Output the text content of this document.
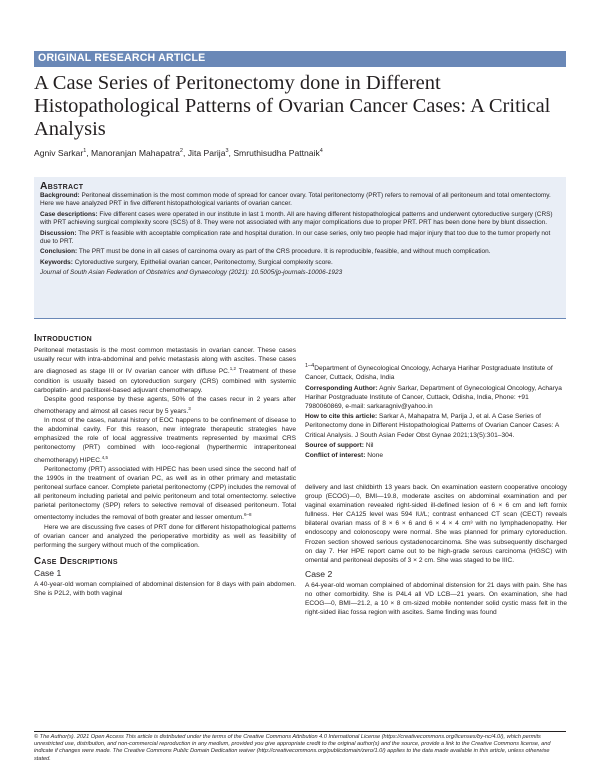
ORIGINAL RESEARCH ARTICLE
A Case Series of Peritonectomy done in Different Histopathological Patterns of Ovarian Cancer Cases: A Critical Analysis
Agniv Sarkar$^1$, Manoranjan Mahapatra$^2$, Jita Parija$^3$, Smruthisudha Pattnaik$^4$
Abstract

Background: Peritoneal dissemination is the most common mode of spread for cancer ovary. Total peritonectomy (PRT) refers to removal of all peritoneum and total omentectomy. Here we have analyzed PRT in five different histopathological variants of ovarian cancer.

Case descriptions: Five different cases were operated in our institute in last 1 month. All are having different histopathological patterns and underwent cytoreductive surgery (CRS) with PRT achieving surgical complexity score (SCS) of 8. They were not associated with any major complications due to proper PRT. PRT has been done here by blunt dissection.

Discussion: The PRT is feasible with acceptable complication rate and hospital duration. In our case series, only two people had major injury that too due to the tumor properly not due to PRT.

Conclusion: The PRT must be done in all cases of carcinoma ovary as part of the CRS procedure. It is reproducible, feasible, and without much complication.

Keywords: Cytoreductive surgery, Epithelial ovarian cancer, Peritonectomy, Surgical complexity score.

Journal of South Asian Federation of Obstetrics and Gynaecology (2021): 10.5005/jp-journals-10006-1923
Introduction

Peritoneal metastasis is the most common metastasis in ovarian cancer. These cases usually recur with intra-abdominal and pelvic metastasis along with ascites. These cases are diagnosed as stage III or IV ovarian cancer with diffuse PC.$^{1,2}$ Treatment of these condition is usually based on cytoreduction surgery (CRS) combined with systemic carboplatin- and paclitaxel-based adjuvant chemotherapy.

Despite good response by these agents, 50% of the cases recur in 2 years after chemotherapy and almost all cases recur by 5 years.$^3$

In most of the cases, natural history of EOC happens to be confinement of disease to the abdominal cavity. For this reason, new integrate therapeutic strategies have emphasized the role of local aggressive treatments represented by maximal CRS peritonectomy (PRT) combined with loco-regional (hyperthermic intraperitoneal chemotherapy) HIPEC.$^{4,5}$

Peritonectomy (PRT) associated with HIPEC has been used since the second half of the 1990s in the treatment of ovarian PC, as well as in other primary and metastatic peritoneal surface cancer. Complete parietal peritonectomy (CPP) includes the removal of all peritoneum including parietal and pelvic peritoneum and total omentectomy. selective parietal peritonectomy (SPP) refers to selective removal of diseased peritoneum. Total omentectomy includes the removal of both greater and lesser omentum.$^{6-8}$

Here we are discussing five cases of PRT done for different histopathological patterns of ovarian cancer and analyzed the perioperative morbidity as well as feasibility of performing the surgery without much of the complication.

Case Descriptions
Case 1

A 40-year-old woman complained of abdominal distension for 8 days with pain abdomen. She is P2L2, with both vaginal

$^{1-4}$Department of Gynecological Oncology, Acharya Harihar Postgraduate Institute of Cancer, Cuttack, Odisha, India

Corresponding Author: Agniv Sarkar, Department of Gynecological Oncology, Acharya Harihar Postgraduate Institute of Cancer, Cuttack, Odisha, India, Phone: +91 7980060869, e-mail: sarkaragniv@yahoo.in

How to cite this article: Sarkar A, Mahapatra M, Parija J, et al. A Case Series of Peritonectomy done in Different Histopathological Patterns of Ovarian Cancer Cases: A Critical Analysis. J South Asian Feder Obst Gynae 2021;13(5):301–304.

Source of support: Nil

Conflict of interest: None

delivery and last childbirth 13 years back. On examination eastern cooperative oncology group (ECOG)—0, BMI—19.8, moderate ascites on abdominal examination and per vaginal examination revealed right-sided ill-defined lesion of 6 × 6 cm and left fornix fullness. Her CA125 level was 594 IU/L; contrast enhanced CT scan (CECT) reveals bilateral ovarian mass of 8 × 6 × 6 and 6 × 4 × 4 cm³ with no lymphadenopathy. Her endoscopy and colonoscopy were normal. She was planned for primary cytoreduction. Frozen section showed serious cystadenocarcinoma. She was subsequently discharged on day 7. Her HPE report came out to be high-grade serous carcinoma (HGSC) with omental and peritoneal deposits of 3 × 2 cm. She was staged to be IIIC.

Case 2

A 64-year-old woman complained of abdominal distension for 21 days with pain. She has no other comorbidity. She is P4L4 all VD LCB—21 years. On examination, she had ECOG—0, BMI—21.2, a 10 × 8 cm-sized mobile nontender solid cystic mass felt in the right-sided iliac fossa region with ascites. Same finding was found

© The Author(s). 2021 Open Access This article is distributed under the terms of the Creative Commons Attribution 4.0 International License (https://creativecommons.org/licenses/by-nc/4.0/), which permits unrestricted use, distribution, and non-commercial reproduction in any medium, provided you give appropriate credit to the original author(s) and the source, provide a link to the Creative Commons license, and indicate if changes were made. The Creative Commons Public Domain Dedication waiver (http://creativecommons.org/publicdomain/zero/1.0/) applies to the data made available in this article, unless otherwise stated.
